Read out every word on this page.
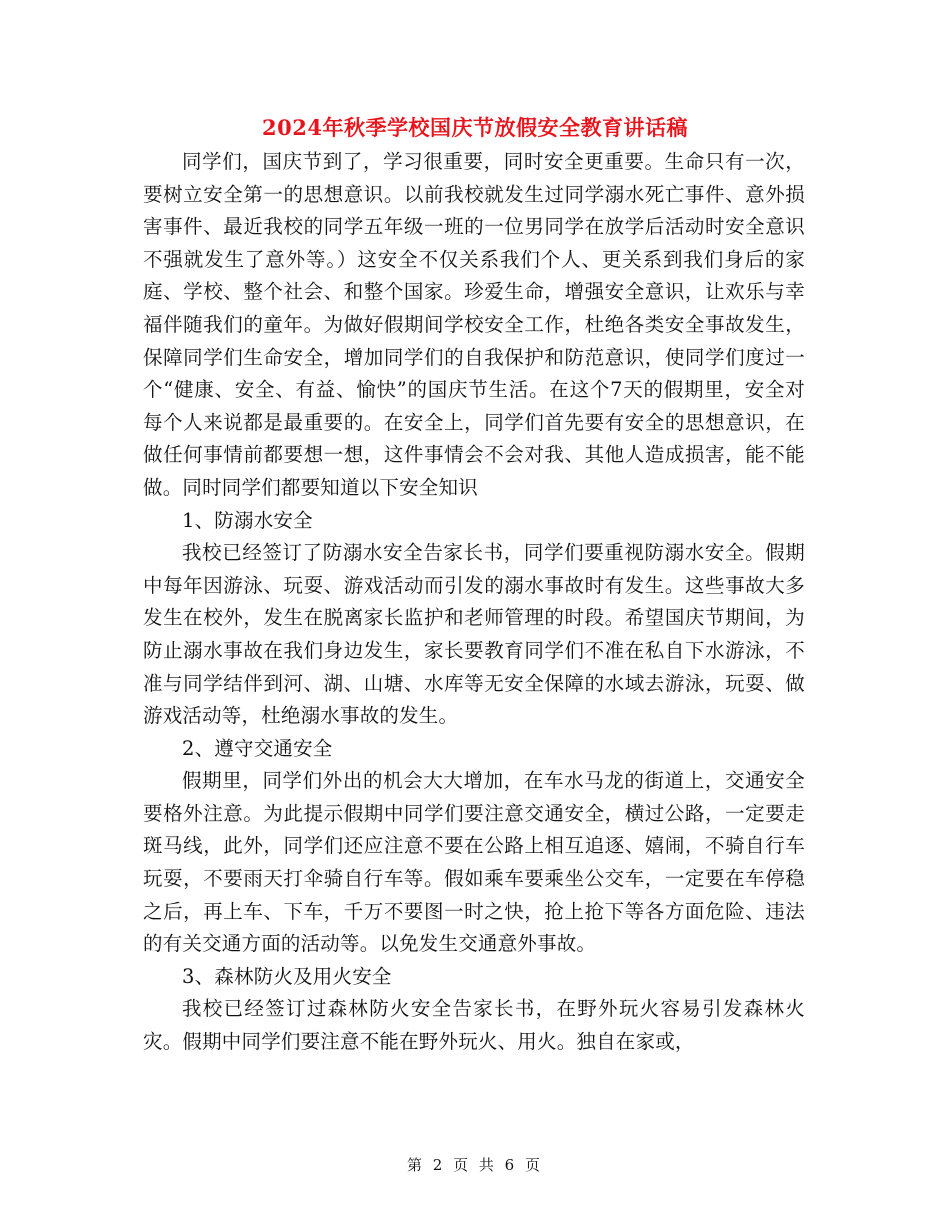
2024年秋季学校国庆节放假安全教育讲话稿

同学们，国庆节到了，学习很重要，同时安全更重要。生命只有一次，要树立安全第一的思想意识。以前我校就发生过同学溺水死亡事件、意外损害事件、最近我校的同学五年级一班的一位男同学在放学后活动时安全意识不强就发生了意外等。）这安全不仅关系我们个人、更关系到我们身后的家庭、学校、整个社会、和整个国家。珍爱生命，增强安全意识，让欢乐与幸福伴随我们的童年。为做好假期间学校安全工作，杜绝各类安全事故发生，保障同学们生命安全，增加同学们的自我保护和防范意识，使同学们度过一个“健康、安全、有益、愉快”的国庆节生活。在这个7天的假期里，安全对每个人来说都是最重要的。在安全上，同学们首先要有安全的思想意识，在做任何事情前都要想一想，这件事情会不会对我、其他人造成损害，能不能做。同时同学们都要知道以下安全知识

1、防溺水安全

我校已经签订了防溺水安全告家长书，同学们要重视防溺水安全。假期中每年因游泳、玩耍、游戏活动而引发的溺水事故时有发生。这些事故大多发生在校外，发生在脱离家长监护和老师管理的时段。希望国庆节期间，为防止溺水事故在我们身边发生，家长要教育同学们不准在私自下水游泳，不准与同学结伴到河、湖、山塘、水库等无安全保障的水域去游泳，玩耍、做游戏活动等，杜绝溺水事故的发生。

2、遵守交通安全

假期里，同学们外出的机会大大增加，在车水马龙的街道上，交通安全要格外注意。为此提示假期中同学们要注意交通安全，横过公路，一定要走斑马线，此外，同学们还应注意不要在公路上相互追逐、嬉闹，不骑自行车玩耍，不要雨天打伞骑自行车等。假如乘车要乘坐公交车，一定要在车停稳之后，再上车、下车，千万不要图一时之快，抢上抢下等各方面危险、违法的有关交通方面的活动等。以免发生交通意外事故。

3、森林防火及用火安全

我校已经签订过森林防火安全告家长书，在野外玩火容易引发森林火灾。假期中同学们要注意不能在野外玩火、用火。独自在家或，

第 2 页 共 6 页
